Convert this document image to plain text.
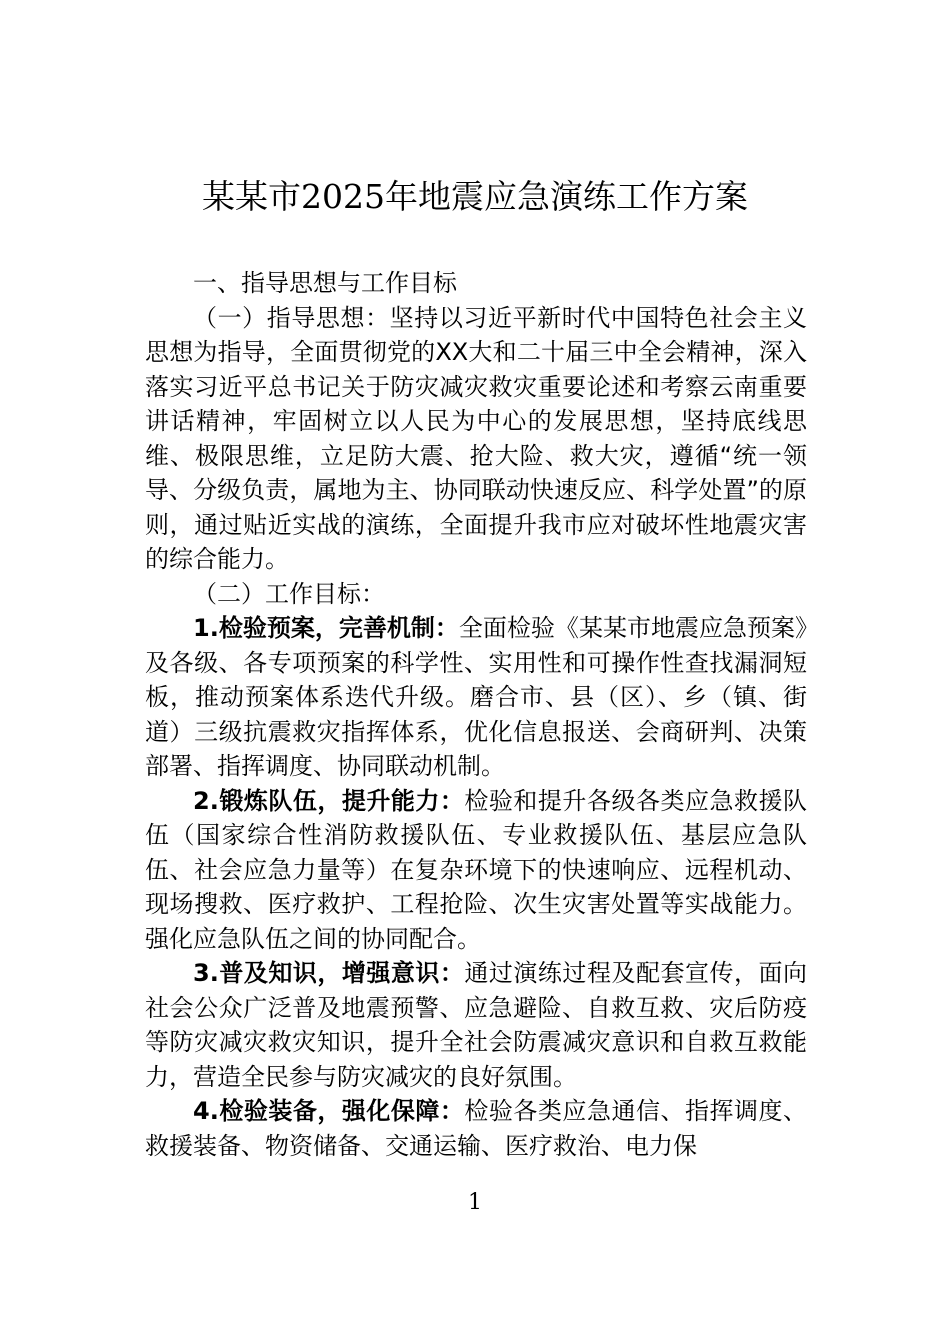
某某市2025年地震应急演练工作方案

一、指导思想与工作目标

（一）指导思想：坚持以习近平新时代中国特色社会主义思想为指导，全面贯彻党的XX大和二十届三中全会精神，深入落实习近平总书记关于防灾减灾救灾重要论述和考察云南重要讲话精神，牢固树立以人民为中心的发展思想，坚持底线思维、极限思维，立足防大震、抢大险、救大灾，遵循“统一领导、分级负责，属地为主、协同联动快速反应、科学处置”的原则，通过贴近实战的演练，全面提升我市应对破坏性地震灾害的综合能力。

（二）工作目标：

1.检验预案，完善机制：全面检验《某某市地震应急预案》及各级、各专项预案的科学性、实用性和可操作性查找漏洞短板，推动预案体系迭代升级。磨合市、县（区）、乡（镇、街道）三级抗震救灾指挥体系，优化信息报送、会商研判、决策部署、指挥调度、协同联动机制。

2.锻炼队伍，提升能力：检验和提升各级各类应急救援队伍（国家综合性消防救援队伍、专业救援队伍、基层应急队伍、社会应急力量等）在复杂环境下的快速响应、远程机动、现场搜救、医疗救护、工程抢险、次生灾害处置等实战能力。强化应急队伍之间的协同配合。

3.普及知识，增强意识：通过演练过程及配套宣传，面向社会公众广泛普及地震预警、应急避险、自救互救、灾后防疫等防灾减灾救灾知识，提升全社会防震减灾意识和自救互救能力，营造全民参与防灾减灾的良好氛围。

4.检验装备，强化保障：检验各类应急通信、指挥调度、救援装备、物资储备、交通运输、医疗救治、电力保

1
